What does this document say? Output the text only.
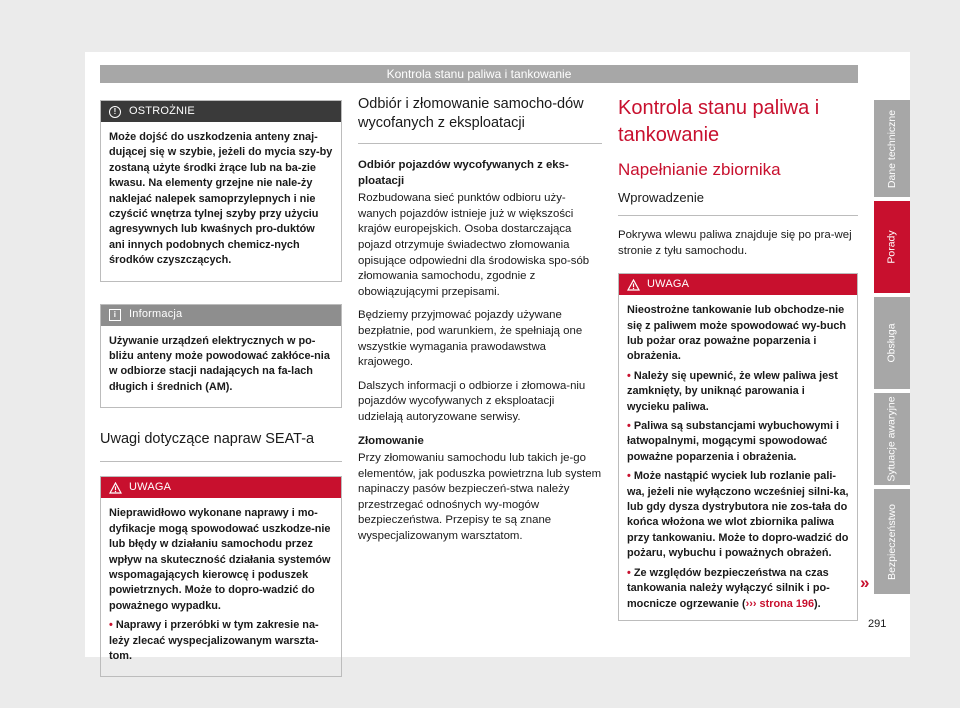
Kontrola stanu paliwa i tankowanie
!	OSTROŻNIE

Może dojść do uszkodzenia anteny znaj-dującej się w szybie, jeżeli do mycia szy-by zostaną użyte środki żrące lub na ba-zie kwasu. Na elementy grzejne nie nale-ży naklejać nalepek samoprzylepnych i nie czyścić wnętrza tylnej szyby przy użyciu agresywnych lub kwaśnych pro-duktów ani innych podobnych chemicz-nych środków czyszczących.

i	Informacja

Używanie urządzeń elektrycznych w po-bliżu anteny może powodować zakłóce-nia w odbiorze stacji nadających na fa-lach długich i średnich (AM).

Uwagi dotyczące napraw SEAT-a
UWAGA

Nieprawidłowo wykonane naprawy i mo-dyfikacje mogą spowodować uszkodze-nie lub błędy w działaniu samochodu przez wpływ na skuteczność działania systemów wspomagających kierowcę i poduszek powietrznych. Może to dopro-wadzić do poważnego wypadku.

• Naprawy i przeróbki w tym zakresie na-leży zlecać wyspecjalizowanym warszta-tom.

Odbiór i złomowanie samocho-dów wycofanych z eksploatacji

Odbiór pojazdów wycofywanych z eks-ploatacji

Rozbudowana sieć punktów odbioru uży-wanych pojazdów istnieje już w większości krajów europejskich. Osoba dostarczająca pojazd otrzymuje świadectwo złomowania opisujące odpowiedni dla środowiska spo-sób złomowania samochodu, zgodnie z obowiązującymi przepisami.

Będziemy przyjmować pojazdy używane bezpłatnie, pod warunkiem, że spełniają one wszystkie wymagania prawodawstwa krajowego.

Dalszych informacji o odbiorze i złomowa-niu pojazdów wycofywanych z eksploatacji udzielają autoryzowane serwisy.

Złomowanie

Przy złomowaniu samochodu lub takich je-go elementów, jak poduszka powietrzna lub system napinaczy pasów bezpieczeń-stwa należy przestrzegać odnośnych wy-mogów bezpieczeństwa. Przepisy te są znane wyspecjalizowanym warsztatom.

Kontrola stanu paliwa i tankowanie
Napełnianie zbiornika
Wprowadzenie

Pokrywa wlewu paliwa znajduje się po pra-wej stronie z tyłu samochodu.

UWAGA

Nieostrożne tankowanie lub obchodze-nie się z paliwem może spowodować wy-buch lub pożar oraz poważne poparzenia i obrażenia.

• Należy się upewnić, że wlew paliwa jest zamknięty, by uniknąć parowania i wycieku paliwa.

• Paliwa są substancjami wybuchowymi i łatwopalnymi, mogącymi spowodować poważne poparzenia i obrażenia.

• Może nastąpić wyciek lub rozlanie pali-wa, jeżeli nie wyłączono wcześniej silni-ka, lub gdy dysza dystrybutora nie zos-tała do końca włożona we wlot zbiornika paliwa przy tankowaniu. Może to dopro-wadzić do pożaru, wybuchu i poważnych obrażeń.

• Ze względów bezpieczeństwa na czas tankowania należy wyłączyć silnik i po-mocnicze ogrzewanie (››› strona 196).

»
291
Dane techniczne
Porady
Obsługa
Sytuacje awaryjne
Bezpieczeństwo
